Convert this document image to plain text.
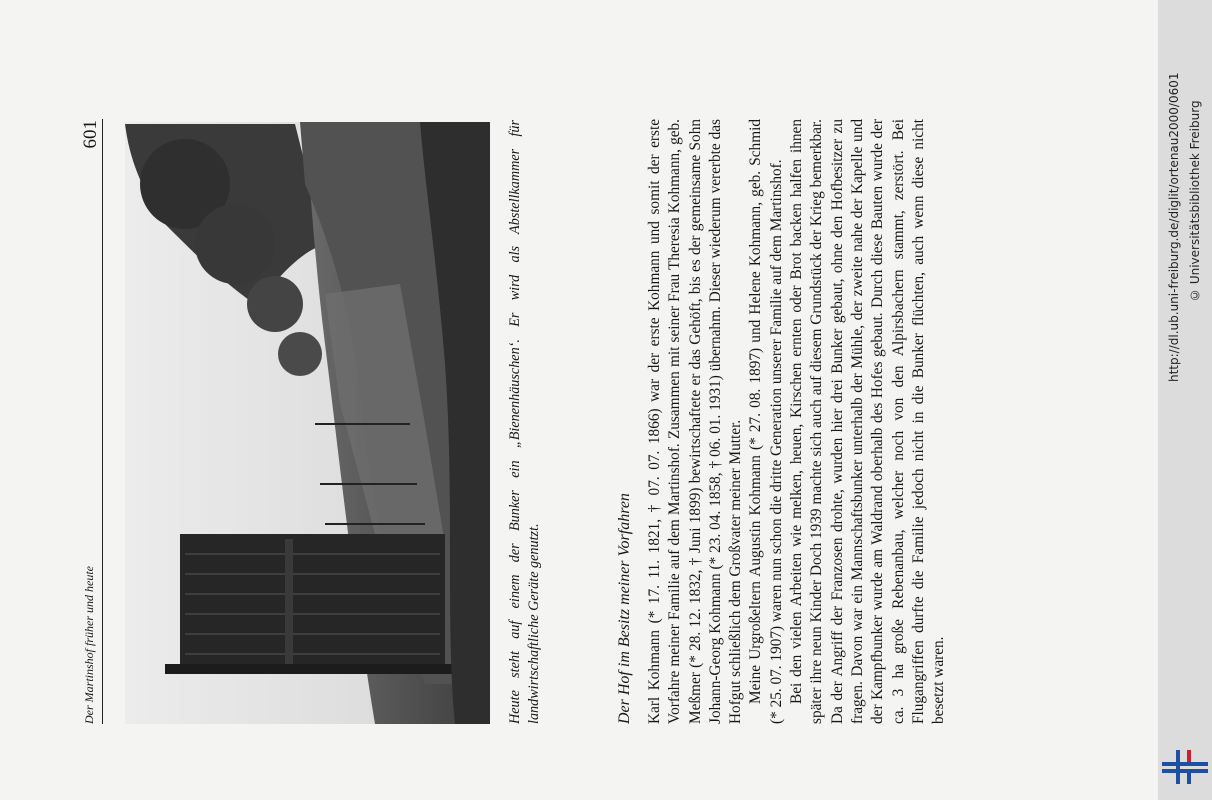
Der Martinshof früher und heute
601	Heute steht auf einem der Bunker ein „Bienenhäuschen‘. Er wird als Abstellkammer für landwirtschaftliche Geräte genutzt.	Der Hof im Besitz meiner Vorfahren Karl Kohmann (* 17. 11. 1821, † 07. 07. 1866) war der erste Kohmann und somit der erste Vorfahre meiner Familie auf dem Martinshof. Zusammen mit seiner Frau Theresia Kohmann, geb. Meßmer (* 28. 12. 1832, † Juni 1899) bewirtschaftete er das Gehöft, bis es der gemeinsame Sohn Johann-Georg Kohmann (* 23. 04. 1858, † 06. 01. 1931) übernahm. Dieser wiederum vererbte das Hofgut schließlich dem Großvater meiner Mutter. Meine Urgroßeltern Augustin Kohmann (* 27. 08. 1897) und Helene Kohmann, geb. Schmid (* 25. 07. 1907) waren nun schon die dritte Generation unserer Familie auf dem Martinshof. Bei den vielen Arbeiten wie melken, heuen, Kirschen ernten oder Brot backen halfen ihnen später ihre neun Kinder Doch 1939 machte sich auch auf diesem Grundstück der Krieg bemerkbar. Da der Angriff der Franzosen drohte, wurden hier drei Bunker gebaut, ohne den Hofbesitzer zu fragen. Davon war ein Mannschaftsbunker unterhalb der Mühle, der zweite nahe der Kapelle und der Kampfbunker wurde am Waldrand oberhalb des Hofes gebaut. Durch diese Bauten wurde der ca. 3 ha große Rebenanbau, welcher noch von den Alpirsbachern stammt, zerstört. Bei Flugangriffen durfte die Familie jedoch nicht in die Bunker flüchten, auch wenn diese nicht besetzt waren.

http://dl.ub.uni-freiburg.de/diglit/ortenau2000/0601 © Universitätsbibliothek Freiburg
